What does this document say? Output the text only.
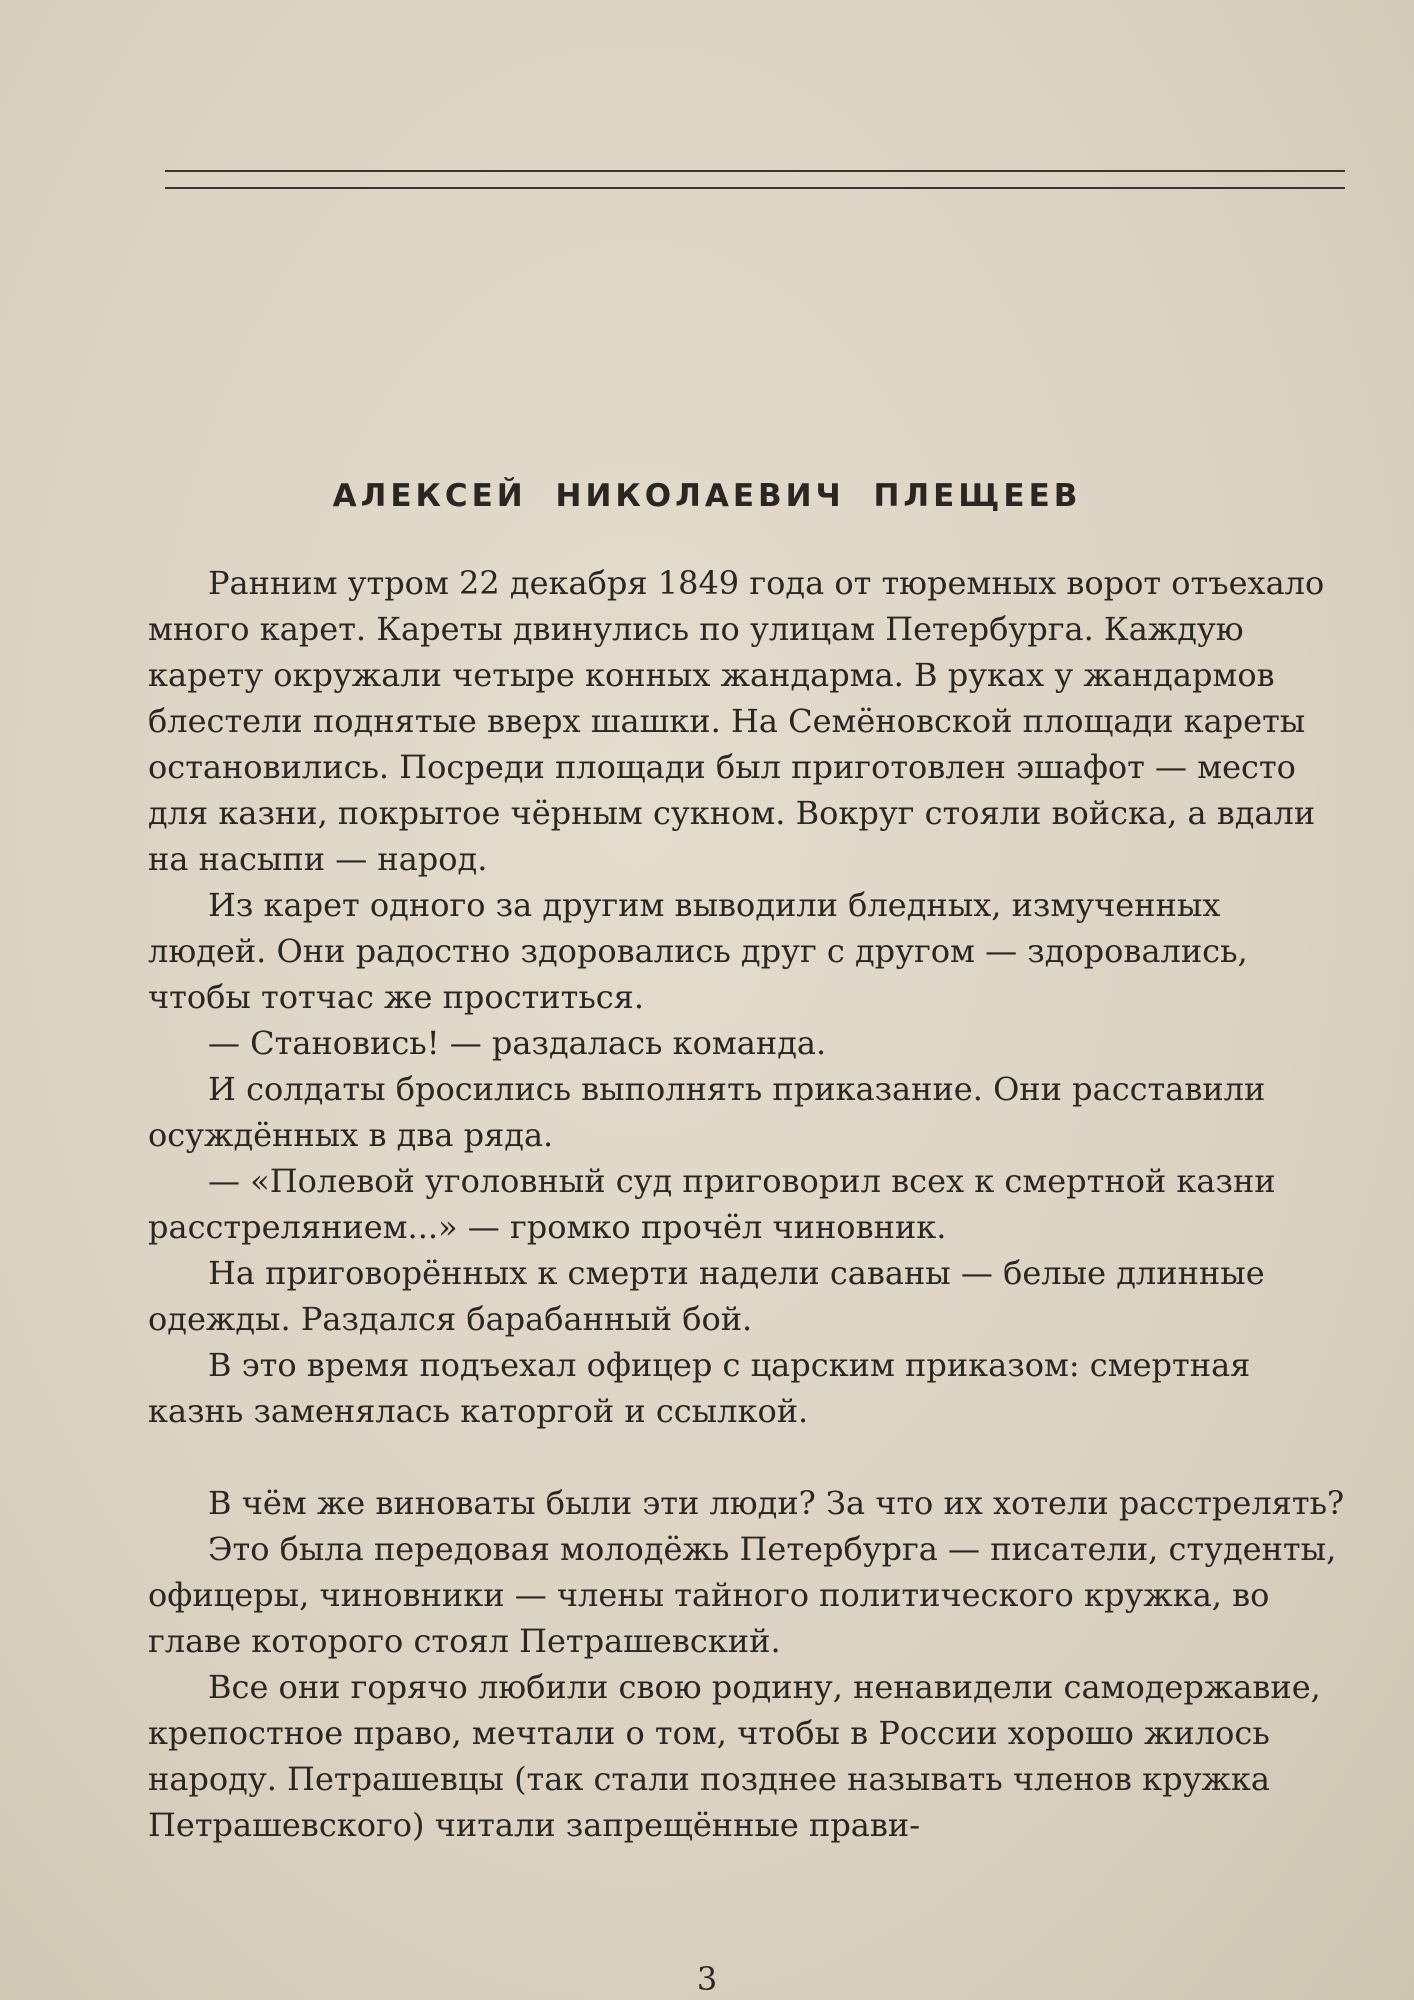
АЛЕКСЕЙ НИКОЛАЕВИЧ ПЛЕЩЕЕВ

Ранним утром 22 декабря 1849 года от тюремных ворот отъехало много карет. Кареты двинулись по улицам Петербурга. Каждую карету окружали четыре конных жандарма. В руках у жандармов блестели поднятые вверх шашки. На Семёновской площади кареты остановились. Посреди площади был приготовлен эшафот — место для казни, покрытое чёрным сукном. Вокруг стояли войска, а вдали на насыпи — народ.

Из карет одного за другим выводили бледных, измученных людей. Они радостно здоровались друг с другом — здоровались, чтобы тотчас же проститься.

— Становись! — раздалась команда.

И солдаты бросились выполнять приказание. Они расставили осуждённых в два ряда.

— «Полевой уголовный суд приговорил всех к смертной казни расстрелянием...» — громко прочёл чиновник.

На приговорённых к смерти надели саваны — белые длинные одежды. Раздался барабанный бой.

В это время подъехал офицер с царским приказом: смертная казнь заменялась каторгой и ссылкой.

В чём же виноваты были эти люди? За что их хотели расстрелять?

Это была передовая молодёжь Петербурга — писатели, студенты, офицеры, чиновники — члены тайного политического кружка, во главе которого стоял Петрашевский.

Все они горячо любили свою родину, ненавидели самодержавие, крепостное право, мечтали о том, чтобы в России хорошо жилось народу. Петрашевцы (так стали позднее называть членов кружка Петрашевского) читали запрещённые прави-

3
